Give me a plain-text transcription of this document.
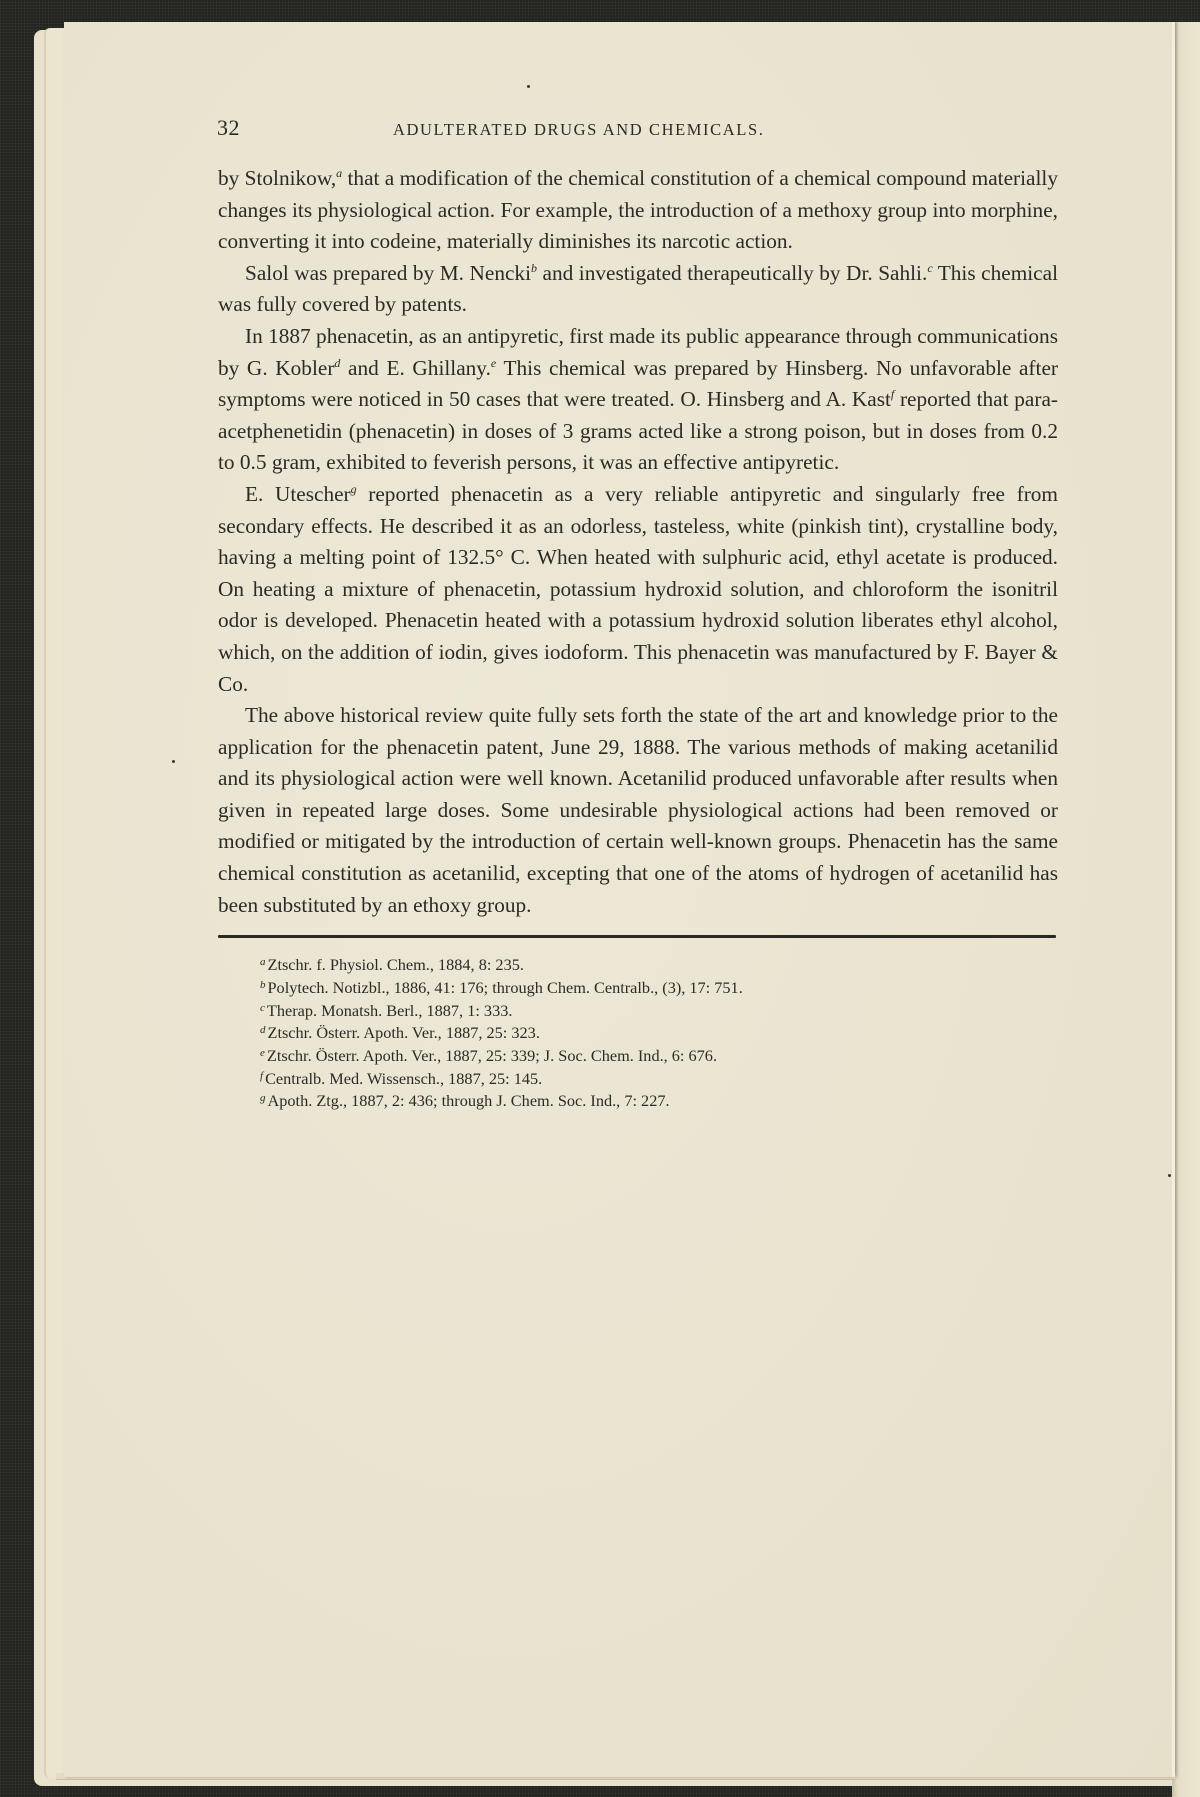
32	ADULTERATED DRUGS AND CHEMICALS.

by Stolnikow,$^a$ that a modification of the chemical constitution of a chemical compound materially changes its physiological action. For example, the introduction of a methoxy group into morphine, converting it into codeine, materially diminishes its narcotic action.

Salol was prepared by M. Nencki$^b$ and investigated therapeutically by Dr. Sahli.$^c$ This chemical was fully covered by patents.

In 1887 phenacetin, as an antipyretic, first made its public appearance through communications by G. Kobler$^d$ and E. Ghillany.$^e$ This chemical was prepared by Hinsberg. No unfavorable after symptoms were noticed in 50 cases that were treated. O. Hinsberg and A. Kast$^f$ reported that para-acetphenetidin (phenacetin) in doses of 3 grams acted like a strong poison, but in doses from 0.2 to 0.5 gram, exhibited to feverish persons, it was an effective antipyretic.

E. Utescher$^g$ reported phenacetin as a very reliable antipyretic and singularly free from secondary effects. He described it as an odorless, tasteless, white (pinkish tint), crystalline body, having a melting point of 132.5° C. When heated with sulphuric acid, ethyl acetate is produced. On heating a mixture of phenacetin, potassium hydroxid solution, and chloroform the isonitril odor is developed. Phenacetin heated with a potassium hydroxid solution liberates ethyl alcohol, which, on the addition of iodin, gives iodoform. This phenacetin was manufactured by F. Bayer & Co.

The above historical review quite fully sets forth the state of the art and knowledge prior to the application for the phenacetin patent, June 29, 1888. The various methods of making acetanilid and its physiological action were well known. Acetanilid produced unfavorable after results when given in repeated large doses. Some undesirable physiological actions had been removed or modified or mitigated by the introduction of certain well-known groups. Phenacetin has the same chemical constitution as acetanilid, excepting that one of the atoms of hydrogen of acetanilid has been substituted by an ethoxy group.

$^a$ Ztschr. f. Physiol. Chem., 1884, 8: 235.

$^b$ Polytech. Notizbl., 1886, 41: 176; through Chem. Centralb., (3), 17: 751.

$^c$ Therap. Monatsh. Berl., 1887, 1: 333.

$^d$ Ztschr. Österr. Apoth. Ver., 1887, 25: 323.

$^e$ Ztschr. Österr. Apoth. Ver., 1887, 25: 339; J. Soc. Chem. Ind., 6: 676.

$^f$ Centralb. Med. Wissensch., 1887, 25: 145.

$^g$ Apoth. Ztg., 1887, 2: 436; through J. Chem. Soc. Ind., 7: 227.
